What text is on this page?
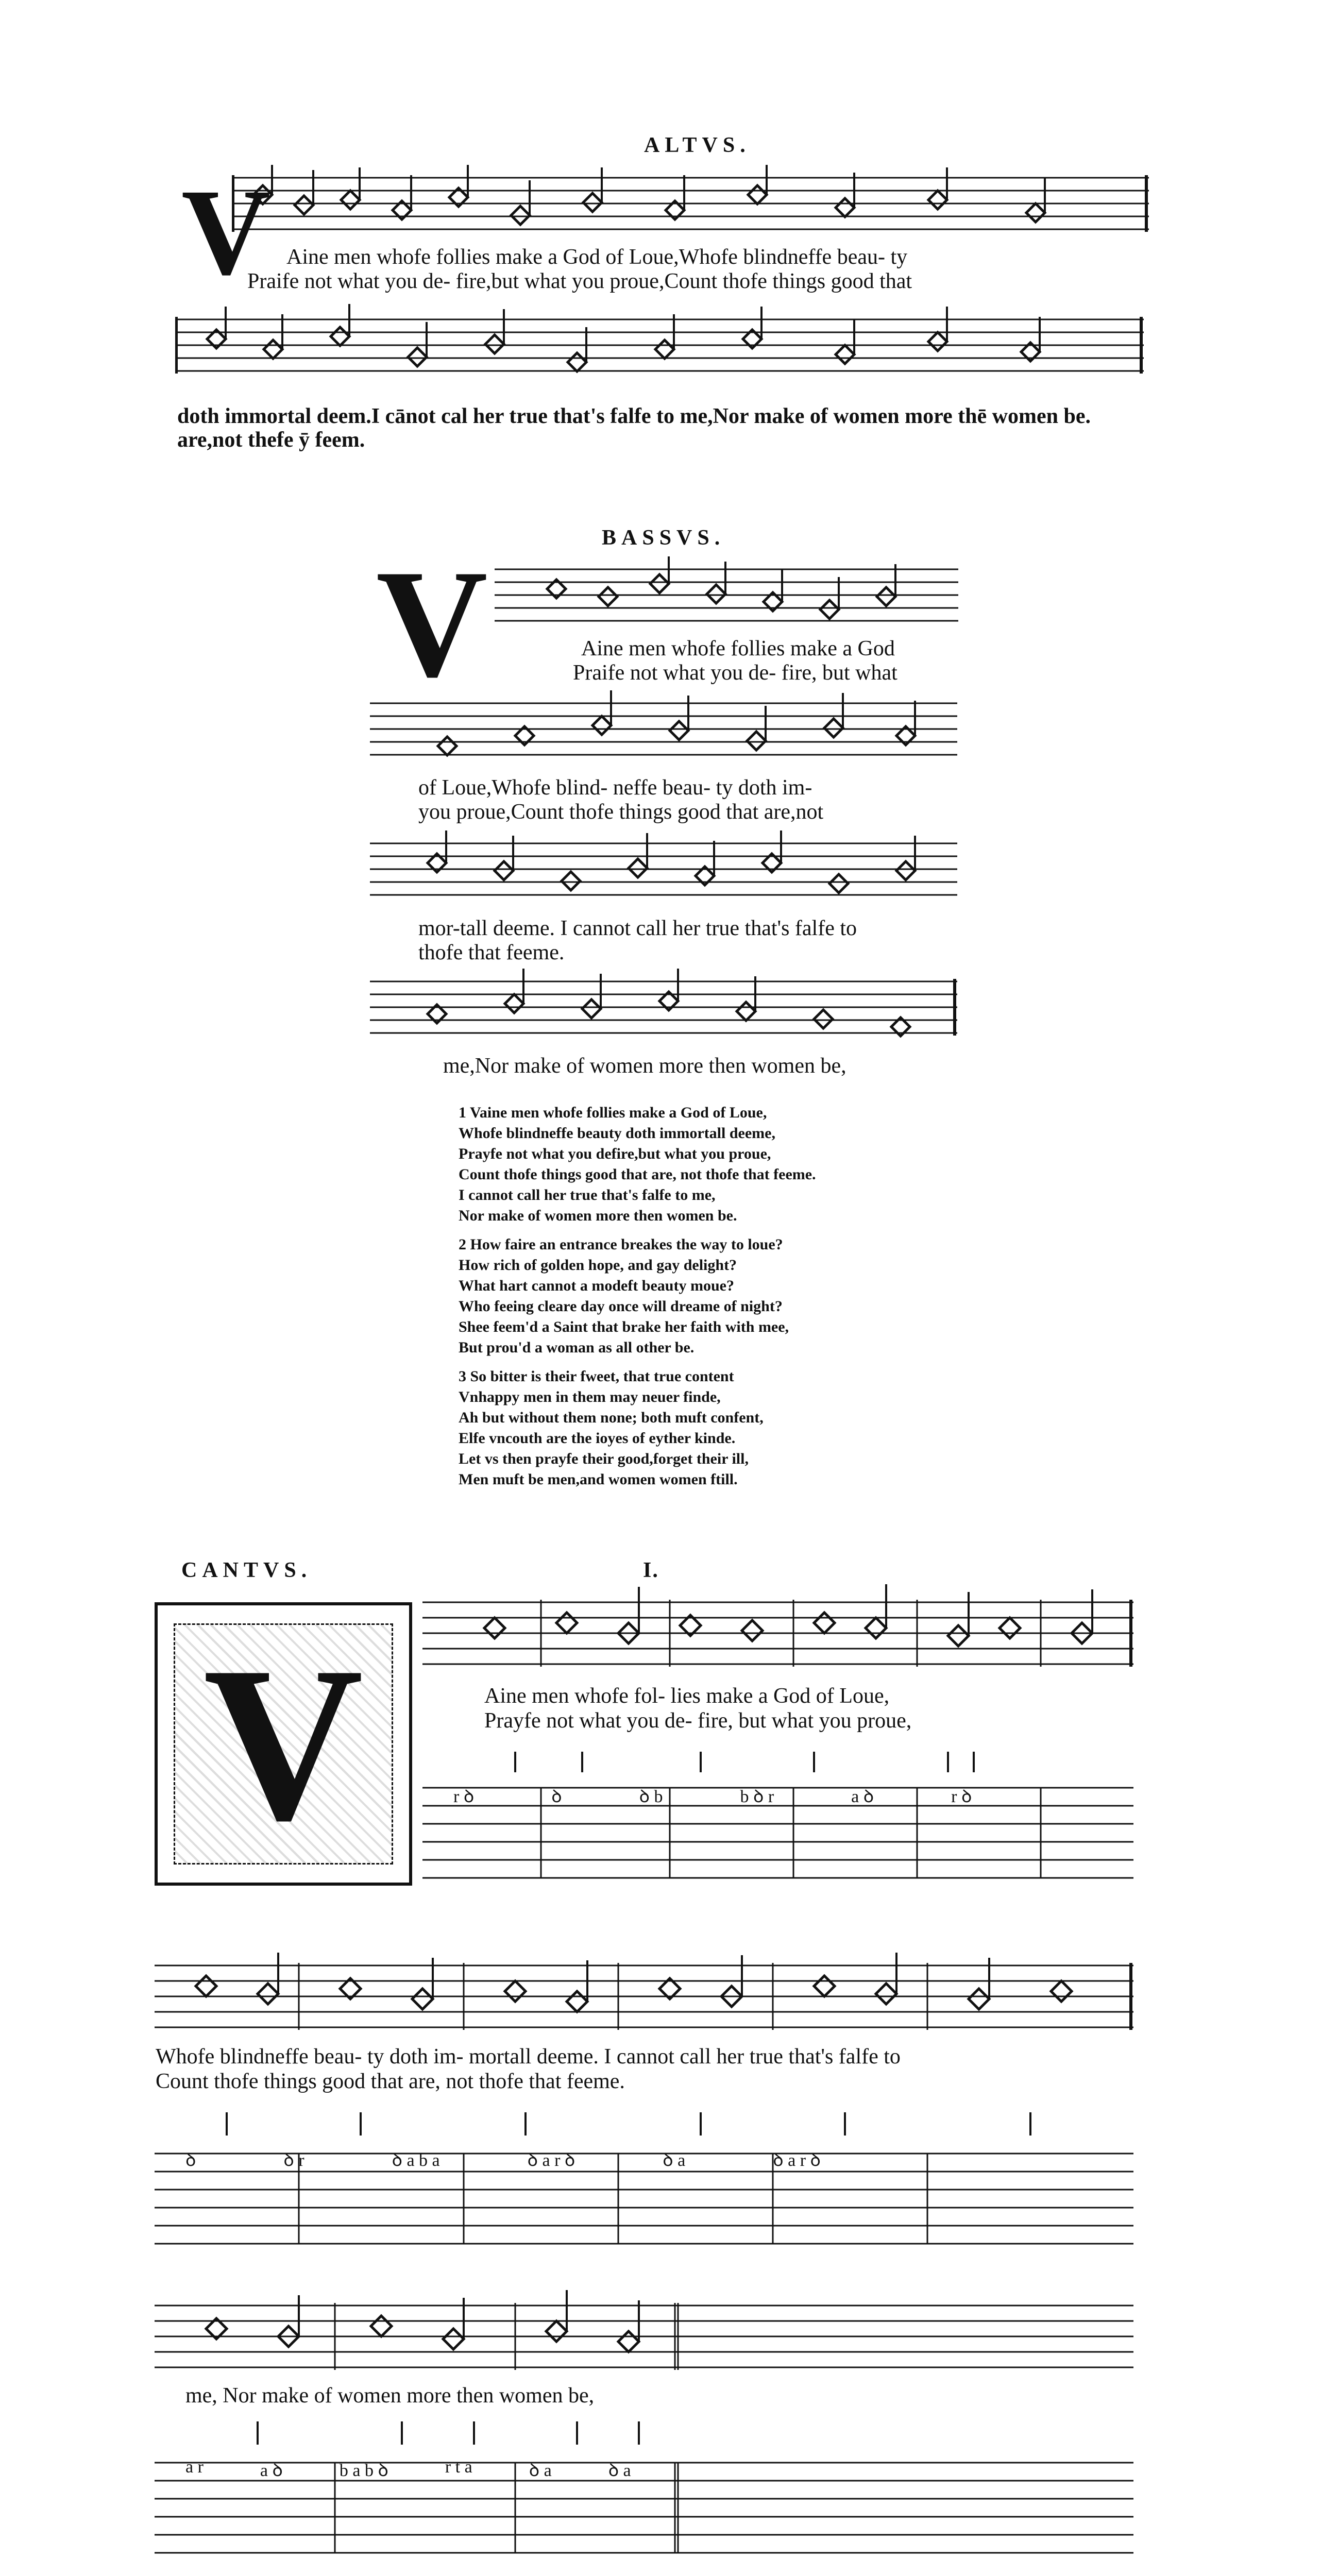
ALTVS.
V Aine men whofe follies make a God of Loue,Whofe blindneffe beau- ty
Praife not what you de- fire,but what you proue,Count thofe things good that
doth immortal deem.I cānot cal her true that's falfe to me,Nor make of women more thē women be.
are,not thefe ȳ feem.
BASSVS.
V	Aine men whofe follies make a God
Praife not what you de- fire, but what
of Loue,Whofe blind- neffe beau- ty doth im-
you proue,Count thofe things good that are,not
mor-tall deeme. I cannot call her true that's falfe to
thofe that feeme.
me,Nor make of women more then women be,
1 Vaine men whofe follies make a God of Loue,
Whofe blindneffe beauty doth immortall deeme,
Prayfe not what you defire,but what you proue,
Count thofe things good that are, not thofe that feeme.
I cannot call her true that's falfe to me,
Nor make of women more then women be.
2 How faire an entrance breakes the way to loue?
How rich of golden hope, and gay delight?
What hart cannot a modeft beauty moue?
Who feeing cleare day once will dreame of night?
Shee feem'd a Saint that brake her faith with mee,
But prou'd a woman as all other be.
3 So bitter is their fweet, that true content
Vnhappy men in them may neuer finde,
Ah but without them none; both muft confent,
Elfe vncouth are the ioyes of eyther kinde.
Let vs then prayfe their good,forget their ill,
Men muft be men,and women women ftill.
CANTVS.	I.
V	Aine men whofe fol- lies make a God of Loue,
Prayfe not what you de- fire, but what you proue,
r ꝺ	ꝺ	ꝺ b	b ꝺ r	a ꝺ	r ꝺ
Whofe blindneffe beau- ty doth im- mortall deeme. I cannot call her true that's falfe to
Count thofe things good that are, not thofe that feeme.
ꝺ	ꝺ r	ꝺ a b a	ꝺ a r ꝺ	ꝺ a	ꝺ a r ꝺ
me, Nor make of women more then women be,
a r	a ꝺ	b a b ꝺ	r t a	ꝺ a	ꝺ a
